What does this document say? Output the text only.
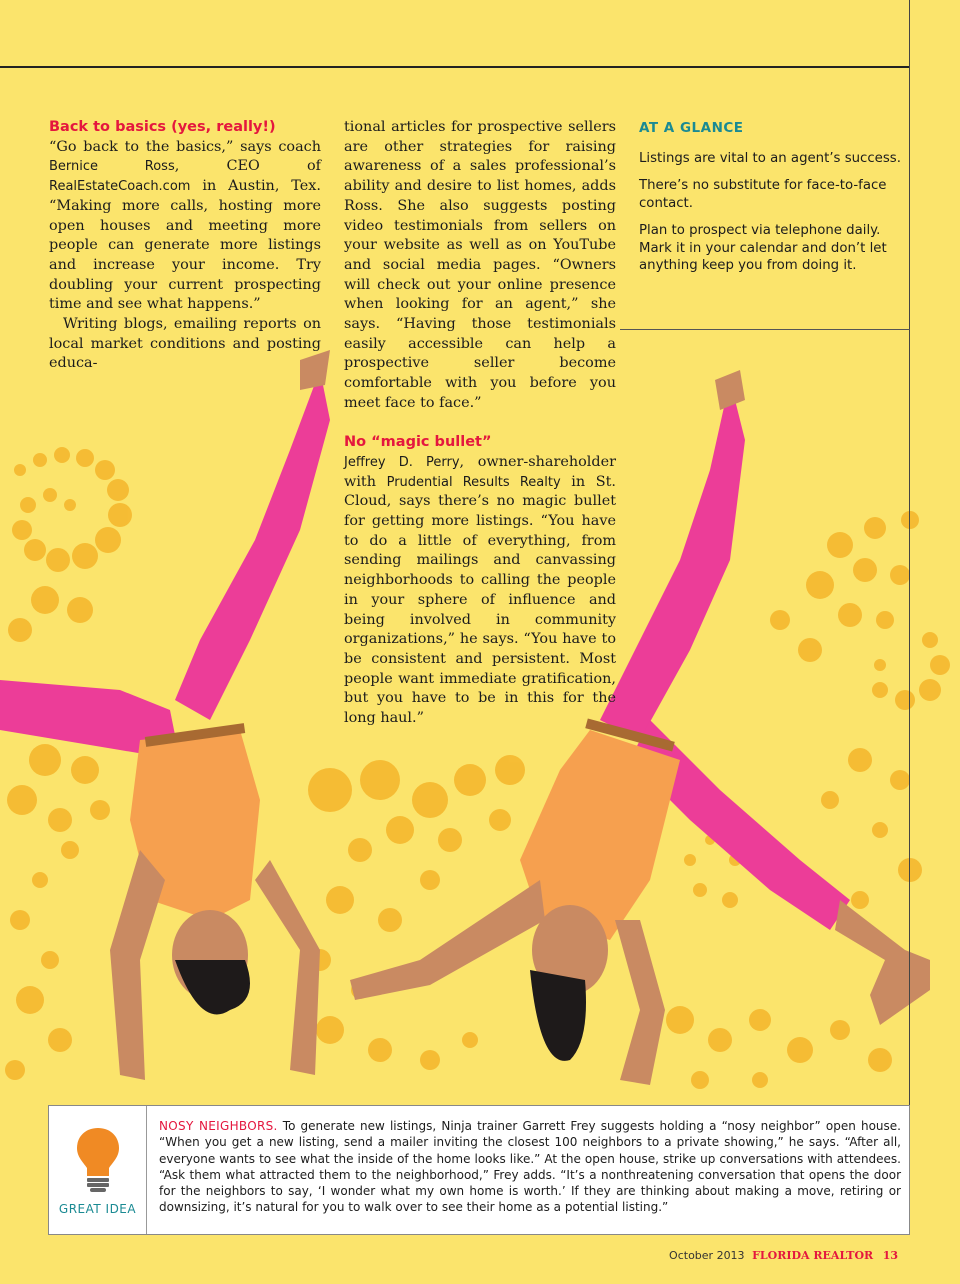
Back to basics (yes, really!)

“Go back to the basics,” says coach Bernice Ross, CEO of RealEstateCoach.com in Austin, Tex. “Making more calls, hosting more open houses and meeting more people can generate more listings and increase your income. Try doubling your current prospecting time and see what happens.”

Writing blogs, emailing reports on local market conditions and posting educa-

tional articles for prospective sellers are other strategies for raising awareness of a sales professional’s ability and desire to list homes, adds Ross. She also suggests posting video testimonials from sellers on your website as well as on YouTube and social media pages. “Owners will check out your online presence when looking for an agent,” she says. “Having those testimonials easily accessible can help a prospective seller become comfortable with you before you meet face to face.”

No “magic bullet”

Jeffrey D. Perry, owner-shareholder with Prudential Results Realty in St. Cloud, says there’s no magic bullet for getting more listings. “You have to do a little of everything, from sending mailings and canvassing neighborhoods to calling the people in your sphere of influence and being involved in community organizations,” he says. “You have to be consistent and persistent. Most people want immediate gratification, but you have to be in this for the long haul.”

AT A GLANCE

Listings are vital to an agent’s success.

There’s no substitute for face-to-face contact.

Plan to prospect via telephone daily. Mark it in your calendar and don’t let anything keep you from doing it.

GREAT IDEA
NOSY NEIGHBORS. To generate new listings, Ninja trainer Garrett Frey suggests holding a “nosy neighbor” open house. “When you get a new listing, send a mailer inviting the closest 100 neighbors to a private showing,” he says. “After all, everyone wants to see what the inside of the home looks like.” At the open house, strike up conversations with attendees. “Ask them what attracted them to the neighborhood,” Frey adds. “It’s a nonthreatening conversation that opens the door for the neighbors to say, ‘I wonder what my own home is worth.’ If they are thinking about making a move, retiring or downsizing, it’s natural for you to walk over to see their home as a potential listing.”
October 2013 FLORIDA REALTOR 13
